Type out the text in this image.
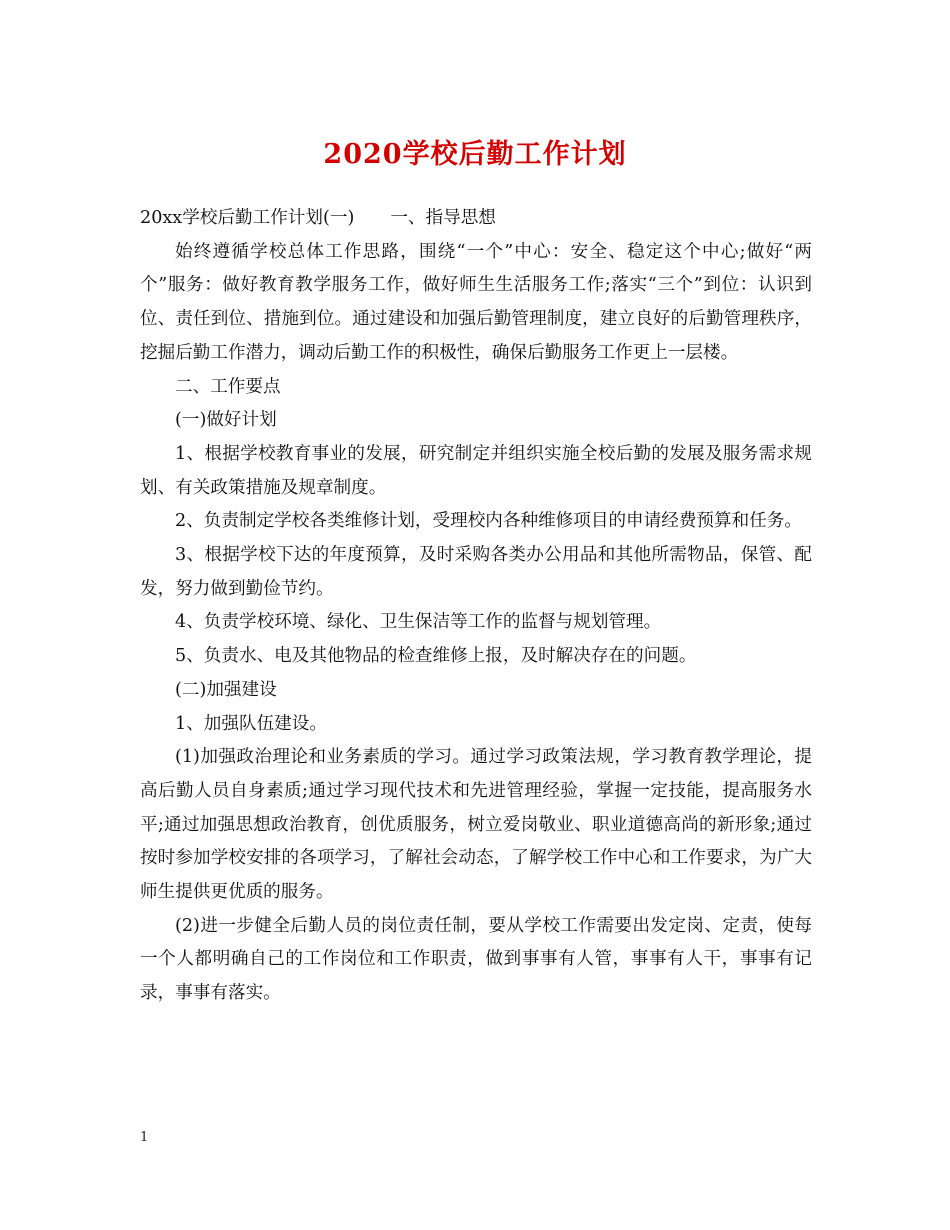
2020学校后勤工作计划

20xx学校后勤工作计划(一) 一、指导思想

始终遵循学校总体工作思路，围绕“一个”中心：安全、稳定这个中心;做好“两个”服务：做好教育教学服务工作，做好师生生活服务工作;落实“三个”到位：认识到位、责任到位、措施到位。通过建设和加强后勤管理制度，建立良好的后勤管理秩序，挖掘后勤工作潜力，调动后勤工作的积极性，确保后勤服务工作更上一层楼。

二、工作要点

(一)做好计划

1、根据学校教育事业的发展，研究制定并组织实施全校后勤的发展及服务需求规划、有关政策措施及规章制度。

2、负责制定学校各类维修计划，受理校内各种维修项目的申请经费预算和任务。

3、根据学校下达的年度预算，及时采购各类办公用品和其他所需物品，保管、配发，努力做到勤俭节约。

4、负责学校环境、绿化、卫生保洁等工作的监督与规划管理。

5、负责水、电及其他物品的检查维修上报，及时解决存在的问题。

(二)加强建设

1、加强队伍建设。

(1)加强政治理论和业务素质的学习。通过学习政策法规，学习教育教学理论，提高后勤人员自身素质;通过学习现代技术和先进管理经验，掌握一定技能，提高服务水平;通过加强思想政治教育，创优质服务，树立爱岗敬业、职业道德高尚的新形象;通过按时参加学校安排的各项学习，了解社会动态，了解学校工作中心和工作要求，为广大师生提供更优质的服务。

(2)进一步健全后勤人员的岗位责任制，要从学校工作需要出发定岗、定责，使每一个人都明确自己的工作岗位和工作职责，做到事事有人管，事事有人干，事事有记录，事事有落实。

1
